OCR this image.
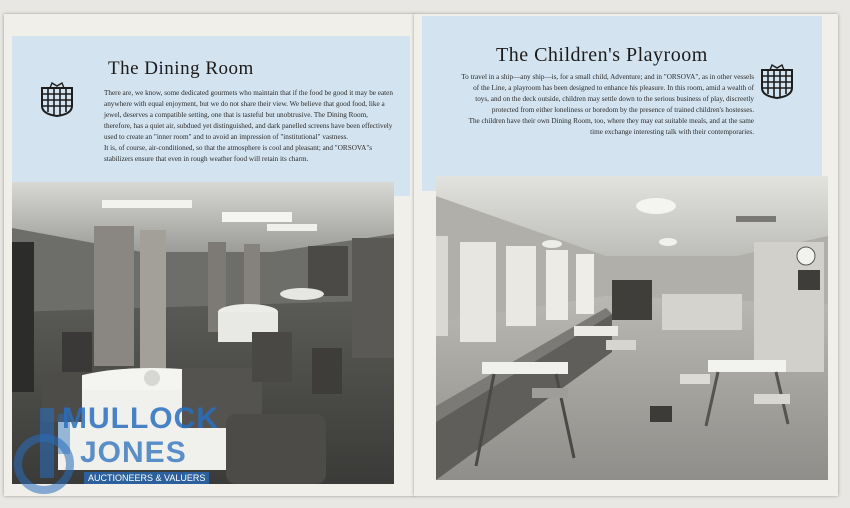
The Dining Room

There are, we know, some dedicated gourmets who maintain that if the food be good it may be eaten anywhere with equal enjoyment, but we do not share their view. We believe that good food, like a jewel, deserves a compatible setting, one that is tasteful but unobtrusive. The Dining Room, therefore, has a quiet air, subdued yet distinguished, and dark panelled screens have been effectively used to create an "inner room" and to avoid an impression of "institutional" vastness.

It is, of course, air-conditioned, so that the atmosphere is cool and pleasant; and "ORSOVA"s stabilizers ensure that even in rough weather food will retain its charm.

The Children's Playroom

To travel in a ship—any ship—is, for a small child, Adventure; and in "ORSOVA", as in other vessels of the Line, a playroom has been designed to enhance his pleasure. In this room, amid a wealth of toys, and on the deck outside, children may settle down to the serious business of play, discreetly protected from either loneliness or boredom by the presence of trained children's hostesses.

The children have their own Dining Room, too, where they may eat suitable meals, and at the same time exchange interesting talk with their contemporaries.

MULLOCK
JONES
AUCTIONEERS & VALUERS
